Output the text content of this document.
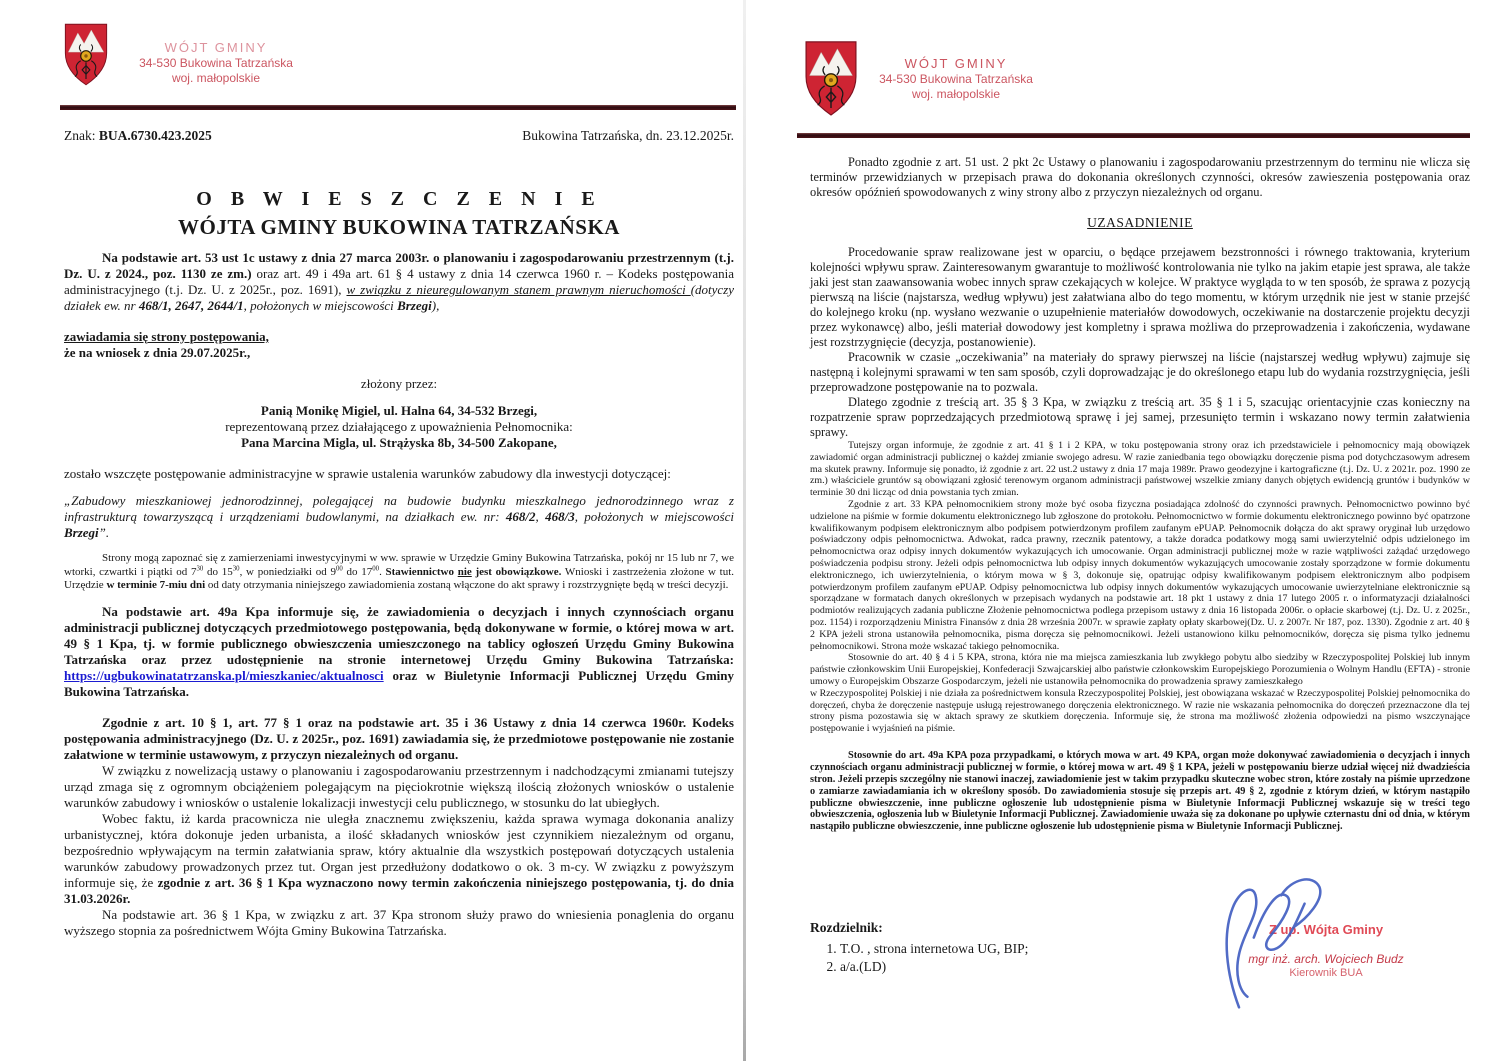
WÓJT GMINY
34-530 Bukowina Tatrzańska
woj. małopolskie
Znak: BUA.6730.423.2025	Bukowina Tatrzańska, dn. 23.12.2025r.
O B W I E S Z C Z E N I E
WÓJTA GMINY BUKOWINA TATRZAŃSKA

Na podstawie art. 53 ust 1c ustawy z dnia 27 marca 2003r. o planowaniu i zagospodarowaniu przestrzennym (t.j. Dz. U. z 2024., poz. 1130 ze zm.) oraz art. 49 i 49a art. 61 § 4 ustawy z dnia 14 czerwca 1960 r. – Kodeks postępowania administracyjnego (t.j. Dz. U. z 2025r., poz. 1691), w związku z nieuregulowanym stanem prawnym nieruchomości (dotyczy działek ew. nr 468/1, 2647, 2644/1, położonych w miejscowości Brzegi),

zawiadamia się strony postępowania,

że na wniosek z dnia 29.07.2025r.,

złożony przez:

Panią Monikę Migiel, ul. Halna 64, 34-532 Brzegi,

reprezentowaną przez działającego z upoważnienia Pełnomocnika:

Pana Marcina Migla, ul. Strążyska 8b, 34-500 Zakopane,

zostało wszczęte postępowanie administracyjne w sprawie ustalenia warunków zabudowy dla inwestycji dotyczącej:

„Zabudowy mieszkaniowej jednorodzinnej, polegającej na budowie budynku mieszkalnego jednorodzinnego wraz z infrastrukturą towarzyszącą i urządzeniami budowlanymi, na działkach ew. nr: 468/2, 468/3, położonych w miejscowości Brzegi”.

Strony mogą zapoznać się z zamierzeniami inwestycyjnymi w ww. sprawie w Urzędzie Gminy Bukowina Tatrzańska, pokój nr 15 lub nr 7, we wtorki, czwartki i piątki od $7^{30}$ do $15^{30}$, w poniedziałki od $9^{00}$ do $17^{00}$. Stawiennictwo nie jest obowiązkowe. Wnioski i zastrzeżenia złożone w tut. Urzędzie w terminie 7-miu dni od daty otrzymania niniejszego zawiadomienia zostaną włączone do akt sprawy i rozstrzygnięte będą w treści decyzji.

Na podstawie art. 49a Kpa informuje się, że zawiadomienia o decyzjach i innych czynnościach organu administracji publicznej dotyczących przedmiotowego postępowania, będą dokonywane w formie, o której mowa w art. 49 § 1 Kpa, tj. w formie publicznego obwieszczenia umieszczonego na tablicy ogłoszeń Urzędu Gminy Bukowina Tatrzańska oraz przez udostępnienie na stronie internetowej Urzędu Gminy Bukowina Tatrzańska: https://ugbukowinatatrzanska.pl/mieszkaniec/aktualnosci oraz w Biuletynie Informacji Publicznej Urzędu Gminy Bukowina Tatrzańska.

Zgodnie z art. 10 § 1, art. 77 § 1 oraz na podstawie art. 35 i 36 Ustawy z dnia 14 czerwca 1960r. Kodeks postępowania administracyjnego (Dz. U. z 2025r., poz. 1691) zawiadamia się, że przedmiotowe postępowanie nie zostanie załatwione w terminie ustawowym, z przyczyn niezależnych od organu.

W związku z nowelizacją ustawy o planowaniu i zagospodarowaniu przestrzennym i nadchodzącymi zmianami tutejszy urząd zmaga się z ogromnym obciążeniem polegającym na pięciokrotnie większą ilością złożonych wniosków o ustalenie warunków zabudowy i wniosków o ustalenie lokalizacji inwestycji celu publicznego, w stosunku do lat ubiegłych.

Wobec faktu, iż karda pracownicza nie uległa znacznemu zwiększeniu, każda sprawa wymaga dokonania analizy urbanistycznej, która dokonuje jeden urbanista, a ilość składanych wniosków jest czynnikiem niezależnym od organu, bezpośrednio wpływającym na termin załatwiania spraw, który aktualnie dla wszystkich postępowań dotyczących ustalenia warunków zabudowy prowadzonych przez tut. Organ jest przedłużony dodatkowo o ok. 3 m-cy. W związku z powyższym informuje się, że zgodnie z art. 36 § 1 Kpa wyznaczono nowy termin zakończenia niniejszego postępowania, tj. do dnia 31.03.2026r.

Na podstawie art. 36 § 1 Kpa, w związku z art. 37 Kpa stronom służy prawo do wniesienia ponaglenia do organu wyższego stopnia za pośrednictwem Wójta Gminy Bukowina Tatrzańska.

WÓJT GMINY
34-530 Bukowina Tatrzańska
woj. małopolskie

Ponadto zgodnie z art. 51 ust. 2 pkt 2c Ustawy o planowaniu i zagospodarowaniu przestrzennym do terminu nie wlicza się terminów przewidzianych w przepisach prawa do dokonania określonych czynności, okresów zawieszenia postępowania oraz okresów opóźnień spowodowanych z winy strony albo z przyczyn niezależnych od organu.

UZASADNIENIE

Procedowanie spraw realizowane jest w oparciu, o będące przejawem bezstronności i równego traktowania, kryterium kolejności wpływu spraw. Zainteresowanym gwarantuje to możliwość kontrolowania nie tylko na jakim etapie jest sprawa, ale także jaki jest stan zaawansowania wobec innych spraw czekających w kolejce. W praktyce wygląda to w ten sposób, że sprawa z pozycją pierwszą na liście (najstarsza, według wpływu) jest załatwiana albo do tego momentu, w którym urzędnik nie jest w stanie przejść do kolejnego kroku (np. wysłano wezwanie o uzupełnienie materiałów dowodowych, oczekiwanie na dostarczenie projektu decyzji przez wykonawcę) albo, jeśli materiał dowodowy jest kompletny i sprawa możliwa do przeprowadzenia i zakończenia, wydawane jest rozstrzygnięcie (decyzja, postanowienie).

Pracownik w czasie „oczekiwania” na materiały do sprawy pierwszej na liście (najstarszej według wpływu) zajmuje się następną i kolejnymi sprawami w ten sam sposób, czyli doprowadzając je do określonego etapu lub do wydania rozstrzygnięcia, jeśli przeprowadzone postępowanie na to pozwala.

Dlatego zgodnie z treścią art. 35 § 3 Kpa, w związku z treścią art. 35 § 1 i 5, szacując orientacyjnie czas konieczny na rozpatrzenie spraw poprzedzających przedmiotową sprawę i jej samej, przesunięto termin i wskazano nowy termin załatwienia sprawy.

Tutejszy organ informuje, że zgodnie z art. 41 § 1 i 2 KPA, w toku postępowania strony oraz ich przedstawiciele i pełnomocnicy mają obowiązek zawiadomić organ administracji publicznej o każdej zmianie swojego adresu. W razie zaniedbania tego obowiązku doręczenie pisma pod dotychczasowym adresem ma skutek prawny. Informuje się ponadto, iż zgodnie z art. 22 ust.2 ustawy z dnia 17 maja 1989r. Prawo geodezyjne i kartograficzne (t.j. Dz. U. z 2021r. poz. 1990 ze zm.) właściciele gruntów są obowiązani zgłosić terenowym organom administracji państwowej wszelkie zmiany danych objętych ewidencją gruntów i budynków w terminie 30 dni licząc od dnia powstania tych zmian.

Zgodnie z art. 33 KPA pełnomocnikiem strony może być osoba fizyczna posiadająca zdolność do czynności prawnych. Pełnomocnictwo powinno być udzielone na piśmie w formie dokumentu elektronicznego lub zgłoszone do protokołu. Pełnomocnictwo w formie dokumentu elektronicznego powinno być opatrzone kwalifikowanym podpisem elektronicznym albo podpisem potwierdzonym profilem zaufanym ePUAP. Pełnomocnik dołącza do akt sprawy oryginał lub urzędowo poświadczony odpis pełnomocnictwa. Adwokat, radca prawny, rzecznik patentowy, a także doradca podatkowy mogą sami uwierzytelnić odpis udzielonego im pełnomocnictwa oraz odpisy innych dokumentów wykazujących ich umocowanie. Organ administracji publicznej może w razie wątpliwości zażądać urzędowego poświadczenia podpisu strony. Jeżeli odpis pełnomocnictwa lub odpisy innych dokumentów wykazujących umocowanie zostały sporządzone w formie dokumentu elektronicznego, ich uwierzytelnienia, o którym mowa w § 3, dokonuje się, opatrując odpisy kwalifikowanym podpisem elektronicznym albo podpisem potwierdzonym profilem zaufanym ePUAP. Odpisy pełnomocnictwa lub odpisy innych dokumentów wykazujących umocowanie uwierzytelniane elektronicznie są sporządzane w formatach danych określonych w przepisach wydanych na podstawie art. 18 pkt 1 ustawy z dnia 17 lutego 2005 r. o informatyzacji działalności podmiotów realizujących zadania publiczne Złożenie pełnomocnictwa podlega przepisom ustawy z dnia 16 listopada 2006r. o opłacie skarbowej (t.j. Dz. U. z 2025r., poz. 1154) i rozporządzeniu Ministra Finansów z dnia 28 września 2007r. w sprawie zapłaty opłaty skarbowej(Dz. U. z 2007r. Nr 187, poz. 1330). Zgodnie z art. 40 § 2 KPA jeżeli strona ustanowiła pełnomocnika, pisma doręcza się pełnomocnikowi. Jeżeli ustanowiono kilku pełnomocników, doręcza się pisma tylko jednemu pełnomocnikowi. Strona może wskazać takiego pełnomocnika.

Stosownie do art. 40 § 4 i 5 KPA, strona, która nie ma miejsca zamieszkania lub zwykłego pobytu albo siedziby w Rzeczypospolitej Polskiej lub innym państwie członkowskim Unii Europejskiej, Konfederacji Szwajcarskiej albo państwie członkowskim Europejskiego Porozumienia o Wolnym Handlu (EFTA) - stronie umowy o Europejskim Obszarze Gospodarczym, jeżeli nie ustanowiła pełnomocnika do prowadzenia sprawy zamieszkałego
w Rzeczypospolitej Polskiej i nie działa za pośrednictwem konsula Rzeczypospolitej Polskiej, jest obowiązana wskazać w Rzeczypospolitej Polskiej pełnomocnika do doręczeń, chyba że doręczenie następuje usługą rejestrowanego doręczenia elektronicznego. W razie nie wskazania pełnomocnika do doręczeń przeznaczone dla tej strony pisma pozostawia się w aktach sprawy ze skutkiem doręczenia. Informuje się, że strona ma możliwość złożenia odpowiedzi na pismo wszczynające postępowanie i wyjaśnień na piśmie.

Stosownie do art. 49a KPA poza przypadkami, o których mowa w art. 49 KPA, organ może dokonywać zawiadomienia o decyzjach i innych czynnościach organu administracji publicznej w formie, o której mowa w art. 49 § 1 KPA, jeżeli w postępowaniu bierze udział więcej niż dwadzieścia stron. Jeżeli przepis szczególny nie stanowi inaczej, zawiadomienie jest w takim przypadku skuteczne wobec stron, które zostały na piśmie uprzedzone o zamiarze zawiadamiania ich w określony sposób. Do zawiadomienia stosuje się przepis art. 49 § 2, zgodnie z którym dzień, w którym nastąpiło publiczne obwieszczenie, inne publiczne ogłoszenie lub udostępnienie pisma w Biuletynie Informacji Publicznej wskazuje się w treści tego obwieszczenia, ogłoszenia lub w Biuletynie Informacji Publicznej. Zawiadomienie uważa się za dokonane po upływie czternastu dni od dnia, w którym nastąpiło publiczne obwieszczenie, inne publiczne ogłoszenie lub udostępnienie pisma w Biuletynie Informacji Publicznej.

Rozdzielnik:
1. T.O. , strona internetowa UG, BIP;
2. a/a.(LD)
Z up. Wójta Gminy
mgr inż. arch. Wojciech Budz
Kierownik BUA
